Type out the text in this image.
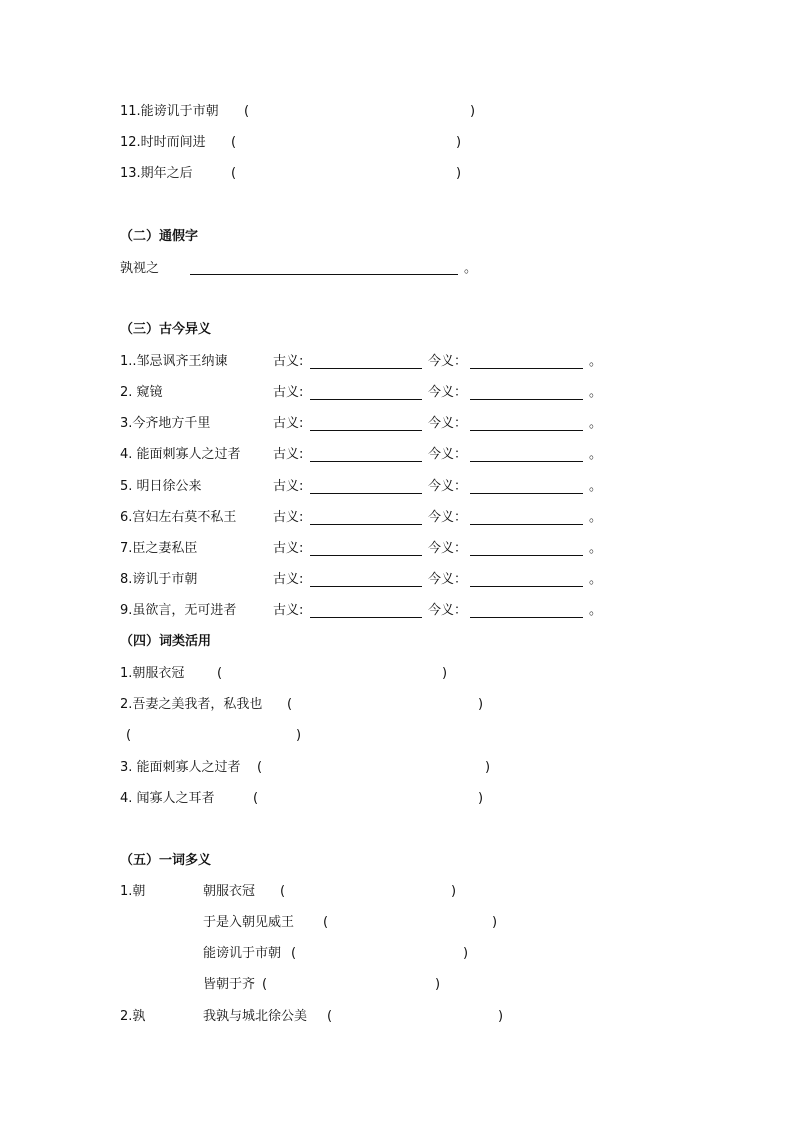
11.能谤讥于市朝 (	)
12.时时而间进 (	)
13.期年之后	(	)
（二）通假字
孰视之	。
（三）古今异义
1..邹忌讽齐王纳谏	古义:	今义：	。
2. 窥镜	古义:	今义：	。
3.今齐地方千里	古义:	今义：	。
4. 能面刺寡人之过者 古义:	今义：	。
5. 明日徐公来	古义:	今义：	。
6.宫妇左右莫不私王	古义:	今义：	。
7.臣之妻私臣	古义:	今义：	。
8.谤讥于市朝	古义:	今义：	。
9.虽欲言，无可进者	古义:	今义：	。
（四）词类活用
1.朝服衣冠	(	)
2.吾妻之美我者，私我也 (	)
(	)
3. 能面刺寡人之过者 (	)
4. 闻寡人之耳者	(	)
（五）一词多义
1.朝	朝服衣冠 (	)
于是入朝见威王 (	)
能谤讥于市朝 (	)
皆朝于齐 (	)
2.孰	我孰与城北徐公美 (	)
